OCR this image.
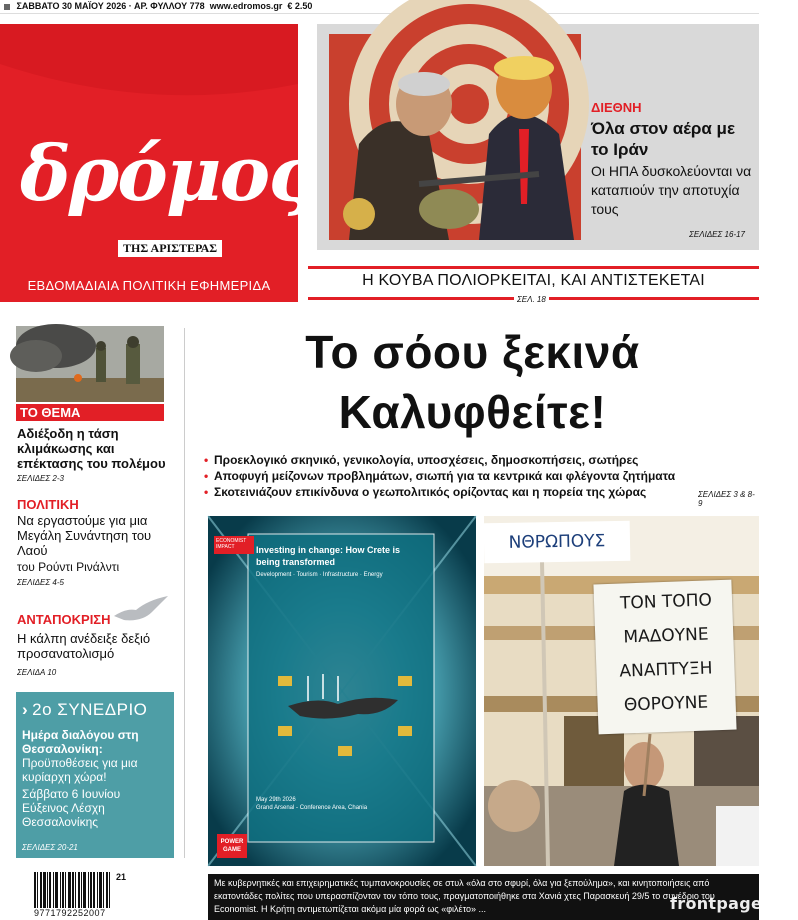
ΣΑΒΒΑΤΟ 30 ΜΑΪΟΥ 2026 · ΑΡ. ΦΥΛΛΟΥ 778 www.edromos.gr € 2.50
δρόμος
ΤΗΣ ΑΡΙΣΤΕΡΑΣ
ΕΒΔΟΜΑΔΙΑΙΑ ΠΟΛΙΤΙΚΗ ΕΦΗΜΕΡΙΔΑ
ΔΙΕΘΝΗ
Όλα στον αέρα με το Ιράν
Οι ΗΠΑ δυσκολεύονται να καταπιούν την αποτυχία τους
ΣΕΛΙΔΕΣ 16-17
Η ΚΟΥΒΑ ΠΟΛΙΟΡΚΕΙΤΑΙ, ΚΑΙ ΑΝΤΙΣΤΕΚΕΤΑΙ
ΣΕΛ. 18
ΤΟ ΘΕΜΑ
Αδιέξοδη η τάση κλιμάκωσης και επέκτασης του πολέμου
ΣΕΛΙΔΕΣ 2-3
ΠΟΛΙΤΙΚΗ
Να εργαστούμε για μια Μεγάλη Συνάντηση του Λαού
του Ρούντι Ρινάλντι
ΣΕΛΙΔΕΣ 4-5
ΑΝΤΑΠΟΚΡΙΣΗ
Η κάλπη ανέδειξε δεξιό προσανατολισμό
ΣΕΛΙΔΑ 10
› 2ο ΣΥΝΕΔΡΙΟ
Ημέρα διαλόγου στη Θεσσαλονίκη:
Προϋποθέσεις για μια κυρίαρχη χώρα!
Σάββατο 6 Ιουνίου Εύξεινος Λέσχη Θεσσαλονίκης
ΣΕΛΙΔΕΣ 20-21
9771792252007
21
Το σόου ξεκινά
Καλυφθείτε!
• Προεκλογικό σκηνικό, γενικολογία, υποσχέσεις, δημοσκοπήσεις, σωτήρες
• Αποφυγή μείζονων προβλημάτων, σιωπή για τα κεντρικά και φλέγοντα ζητήματα
• Σκοτεινιάζουν επικίνδυνα ο γεωπολιτικός ορίζοντας και η πορεία της χώρας	ΣΕΛΙΔΕΣ 3 & 8-9
ECONOMIST IMPACT	Investing in change: How Crete is being transformed
Development · Tourism · Infrastructure · Energy
May 29th 2026
Grand Arsenal - Conference Area, Chania
POWER GAME
ΝΘΡΩΠΟΥΣ
ΤΟΝ ΤΟΠΟ
ΜΑΔΟΥΝΕ
ΑΝΑΠΤΥΞΗ
ΘΟΡΟΥΝΕ
Με κυβερνητικές και επιχειρηματικές τυμπανοκρουσίες σε στυλ «όλα στο σφυρί, όλα για ξεπούλημα», και κινητοποιήσεις από εκατοντάδες πολίτες που υπερασπίζονταν τον τόπο τους, πραγματοποιήθηκε στα Χανιά χτες Παρασκευή 29/5 το συνέδριο του Economist. Η Κρήτη αντιμετωπίζεται ακόμα μία φορά ως «φιλέτο» ...	frontpages.gr
